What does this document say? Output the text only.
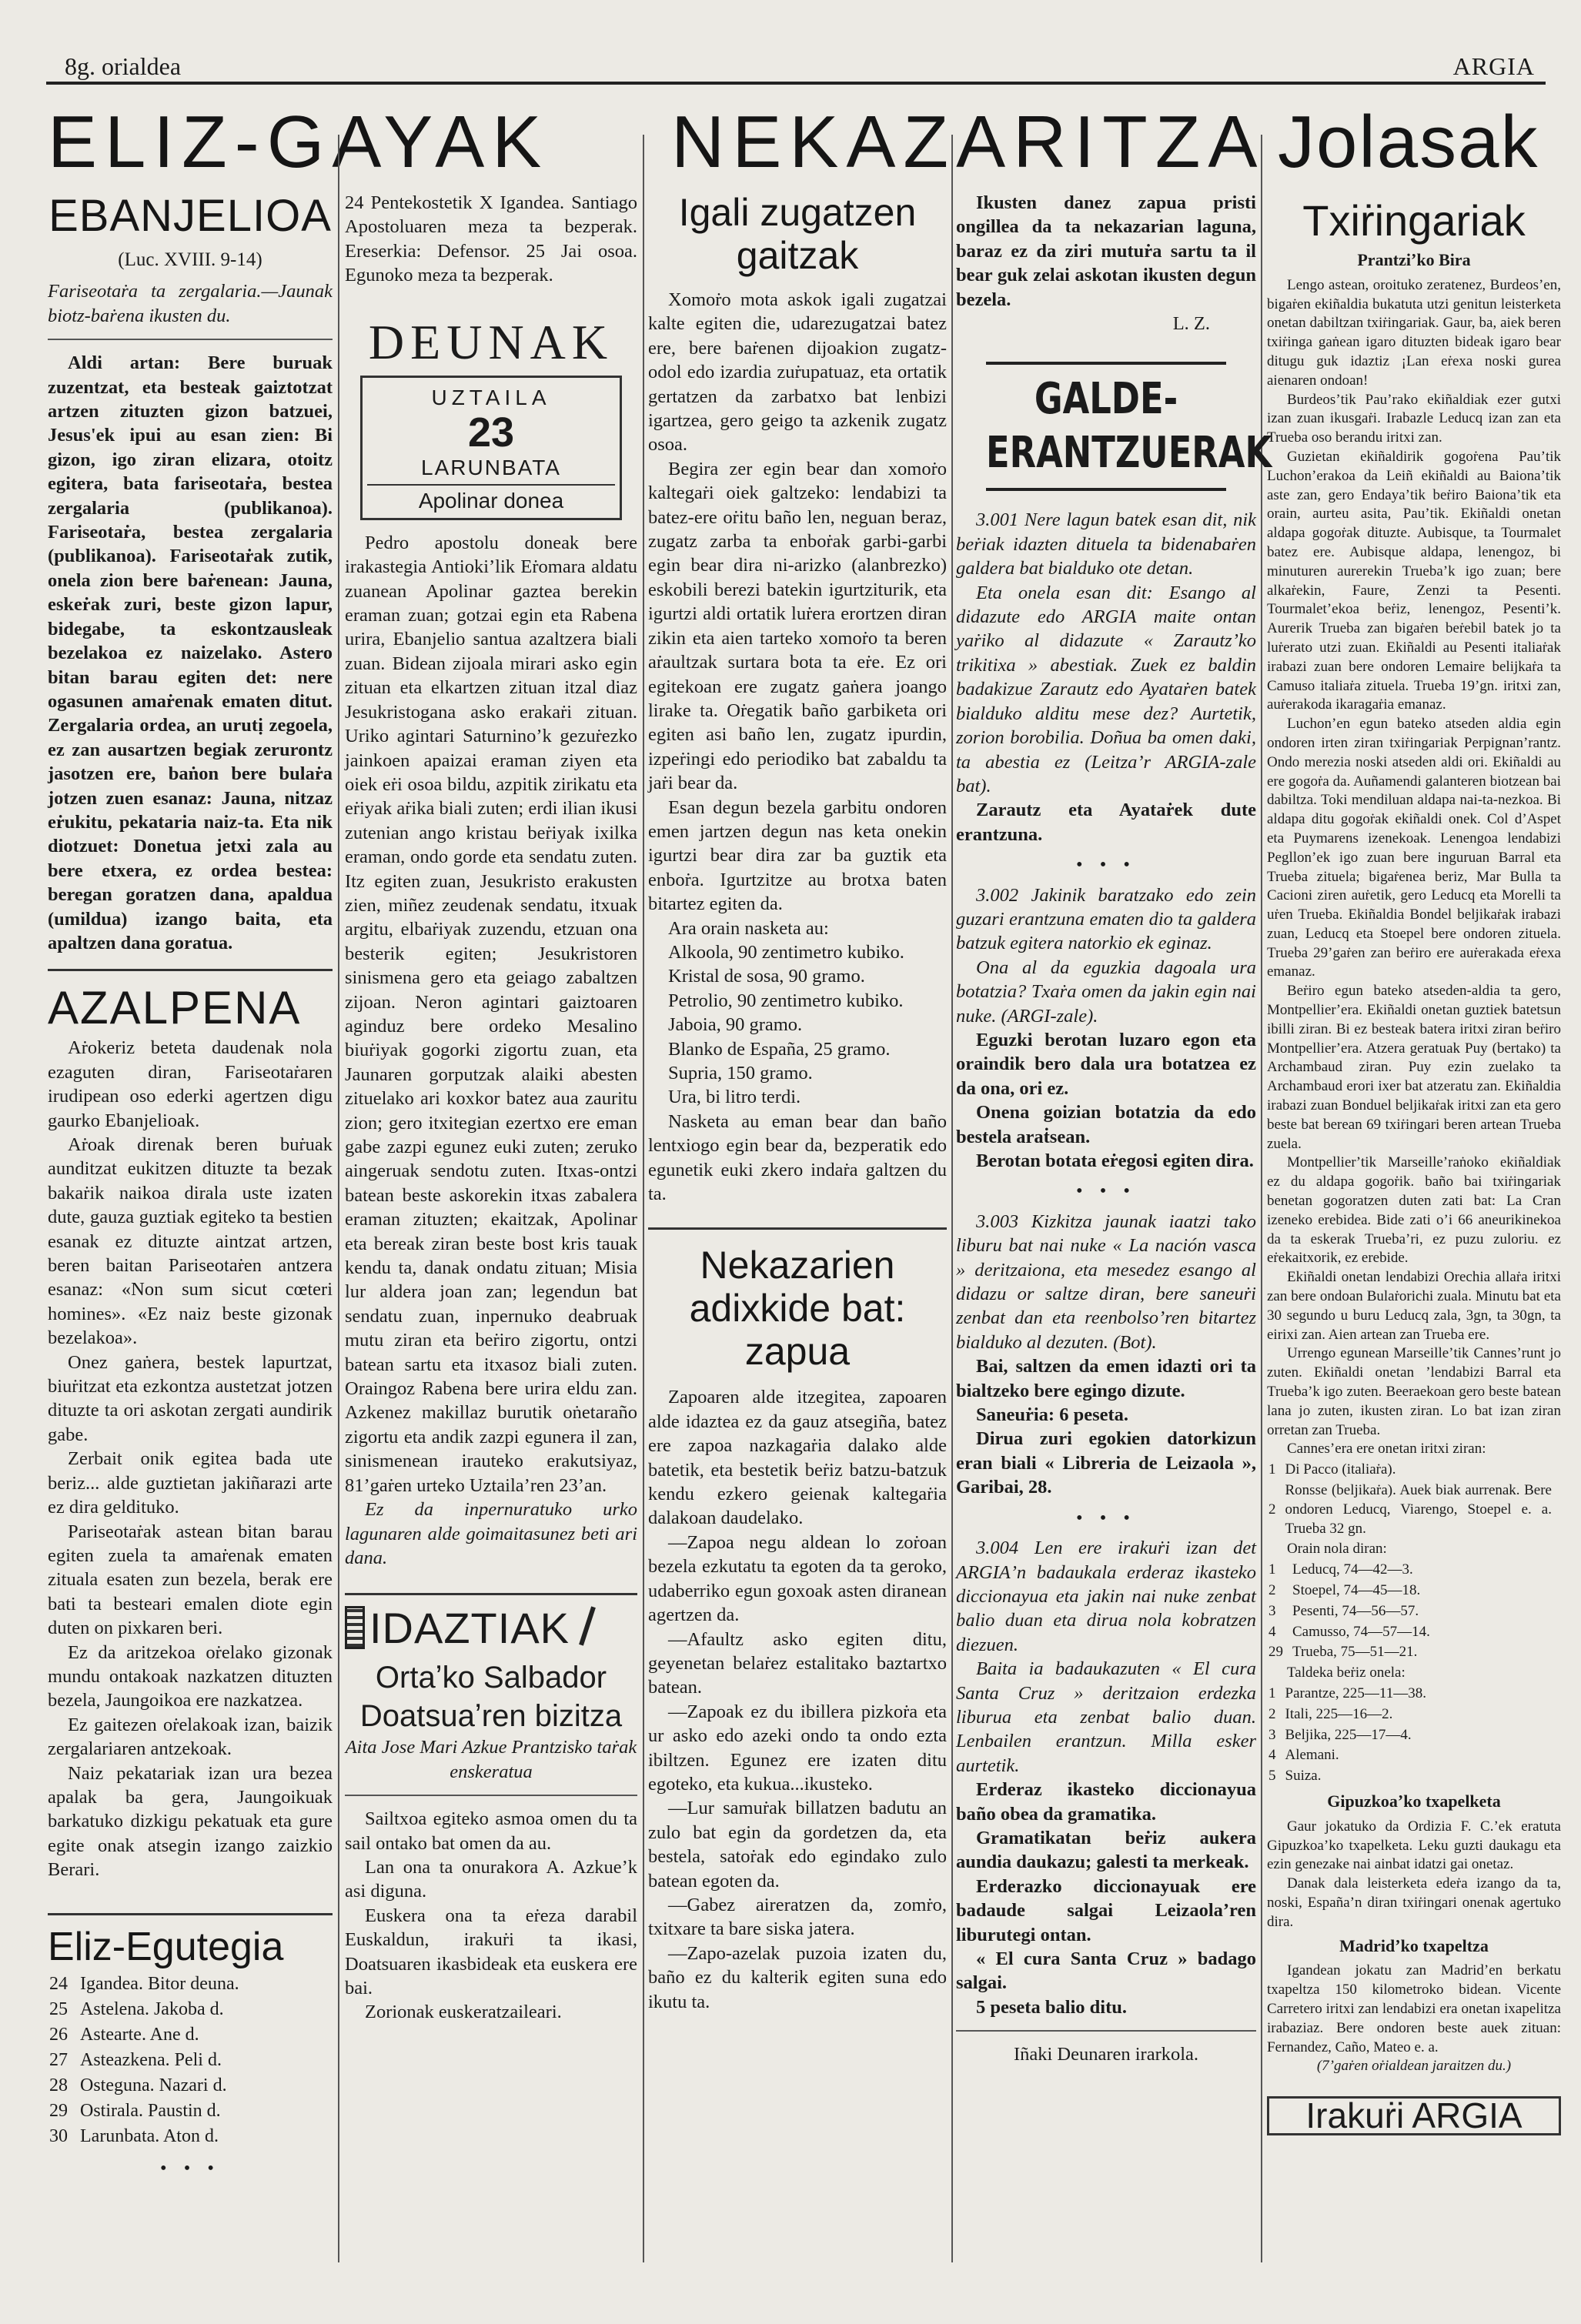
8g. orialdea	ARGIA
ELIZ-GAYAK	NEKAZARITZA Jolasak
EBANJELIOA
(Luc. XVIII. 9-14)

Fariseotaṙa ta zergalaria.—Jaunak biotz-baṙena ikusten du.

Aldi artan: Bere buruak zuzentzat, eta besteak gaiztotzat artzen zituzten gizon batzuei, Jesus'ek ipui au esan zien: Bi gizon, igo ziran elizara, otoitz egitera, bata fariseotaṙa, bestea zergalaria (publikanoa). Fariseotaṙa, bestea zergalaria (publikanoa). Fariseotaṙak zutik, onela zion bere baṙenean: Jauna, eskeṙak zuri, beste gizon lapur, bidegabe, ta eskontzausleak bezelakoa ez naizelako. Astero bitan barau egiten det: nere ogasunen amaṙenak ematen ditut. Zergalaria ordea, an urutị zegoela, ez zan ausartzen begiak zerurontz jasotzen ere, baṅon bere bulaṙa jotzen zuen esanaz: Jauna, nitzaz eṙukitu, pekataria naiz-ta. Eta nik diotzuet: Donetua jetxi zala au bere etxera, ez ordea bestea: beregan goratzen dana, apaldua (umildua) izango baita, eta apaltzen dana goratua.

AZALPENA

Aṙokeriz beteta daudenak nola ezaguten diran, Fariseotaṙaren irudipean oso ederki agertzen digu gaurko Ebanjelioak.

Aṙoak direnak beren buṙuak aunditzat eukitzen dituzte ta bezak bakaṙik naikoa dirala uste izaten dute, gauza guztiak egiteko ta bestien esanak ez dituzte aintzat artzen, beren baitan Pariseotaṙen antzera esanaz: «Non sum sicut cœteri homines». «Ez naiz beste gizonak bezelakoa».

Onez gaṅera, bestek lapurtzat, biuṙitzat eta ezkontza austetzat jotzen dituzte ta ori askotan zergati aundirik gabe.

Zerbait onik egitea bada ute beriz... alde guztietan jakiñarazi arte ez dira geldituko.

Pariseotaṙak astean bitan barau egiten zuela ta amaṙenak ematen zituala esaten zun bezela, berak ere bati ta besteari emalen diote egin duten on pixkaren beri.

Ez da aritzekoa oṙelako gizonak mundu ontakoak nazkatzen dituzten bezela, Jaungoikoa ere nazkatzea.

Ez gaitezen oṙelakoak izan, baizik zergalariaren antzekoak.

Naiz pekatariak izan ura bezea apalak ba gera, Jaungoikuak barkatuko dizkigu pekatuak eta gure egite onak atsegin izango zaizkio Berari.

Eliz-Egutegia
24	Igandea. Bitor deuna.
25	Astelena. Jakoba d.
26	Astearte. Ane d.
27	Asteazkena. Peli d.
28	Osteguna. Nazari d.
29	Ostirala. Paustin d.
30	Larunbata. Aton d.
• • •

24 Pentekostetik X Igandea. Santiago Apostoluaren meza ta bezperak. Ereserkia: Defensor. 25 Jai osoa. Egunoko meza ta bezperak.

DEUNAK
UZTAILA
23
LARUNBATA
Apolinar donea

Pedro apostolu doneak bere irakastegia Antiokiʼlik Eṙomara aldatu zuanean Apolinar gaztea berekin eraman zuan; gotzai egin eta Rabena urira, Ebanjelio santua azaltzera biali zuan. Bidean zijoala mirari asko egin zituan eta elkartzen zituan itzal diaz Jesukristogana asko erakaṙi zituan. Uriko agintari Saturninoʼk gezuṙezko jainkoen apaizai eraman ziyen eta oiek eṙi osoa bildu, azpitik zirikatu eta eṙiyak aṙika biali zuten; erdi ilian ikusi zutenian ango kristau beṙiyak ixilka eraman, ondo gorde eta sendatu zuten. Itz egiten zuan, Jesukristo erakusten zien, miñez zeudenak sendatu, itxuak argitu, elbaṙiyak zuzendu, etzuan ona besterik egiten; Jesukristoren sinismena gero eta geiago zabaltzen zijoan. Neron agintari gaiztoaren aginduz bere ordeko Mesalino biuṙiyak gogorki zigortu zuan, eta Jaunaren gorputzak alaiki abesten zituelako ari koxkor batez aua zauritu zion; gero itxitegian ezertxo ere eman gabe zazpi egunez euki zuten; zeruko aingeruak sendotu zuten. Itxas-ontzi batean beste askorekin itxas zabalera eraman zituzten; ekaitzak, Apolinar eta bereak ziran beste bost kris tauak kendu ta, danak ondatu zituan; Misia lur aldera joan zan; legendun bat sendatu zuan, inpernuko deabruak mutu ziran eta beṙiro zigortu, ontzi batean sartu eta itxasoz biali zuten. Oraingoz Rabena bere urira eldu zan. Azkenez makillaz burutik oṅetaraño zigortu eta andik zazpi egunera il zan, sinismenean irauteko erakutsiyaz, 81ʼgaṙen urteko Uztailaʼren 23ʼan.

Ez da inpernuratuko urko lagunaren alde goimaitasunez beti ari dana.

IDAZTIAK
Ortaʼko Salbador Doatsuaʼren bizitza

Aita Jose Mari Azkue Prantzisko taṙak enskeratua

Sailtxoa egiteko asmoa omen du ta sail ontako bat omen da au.

Lan ona ta onurakora A. Azkueʼk asi diguna.

Euskera ona ta eṙeza darabil Euskaldun, irakuṙi ta ikasi, Doatsuaren ikasbideak eta euskera ere bai.

Zorionak euskeratzaileari.

Igali zugatzen gaitzak

Xomoṙo mota askok igali zugatzai kalte egiten die, udarezugatzai batez ere, bere baṙenen dijoakion zugatz-odol edo izardia zuṙupatuaz, eta ortatik gertatzen da zarbatxo bat lenbizi igartzea, gero geigo ta azkenik zugatz osoa.

Begira zer egin bear dan xomoṙo kaltegaṙi oiek galtzeko: lendabizi ta batez-ere oṙitu baño len, neguan beraz, zugatz zarba ta enboṙak garbi-garbi egin bear dira ni-arizko (alanbrezko) eskobili berezi batekin igurtziturik, eta igurtzi aldi ortatik luṙera erortzen diran zikin eta aien tarteko xomoṙo ta beren aṙaultzak surtara bota ta eṙe. Ez ori egitekoan ere zugatz gaṅera joango lirake ta. Oṙegatik baño garbiketa ori egiten asi baño len, zugatz ipurdin, izpeṙingi edo periodiko bat zabaldu ta jaṙi bear da.

Esan degun bezela garbitu ondoren emen jartzen degun nas keta onekin igurtzi bear dira zar ba guztik eta enboṙa. Igurtzitze au brotxa baten bitartez egiten da.

Ara orain nasketa au:

Alkoola, 90 zentimetro kubiko.

Kristal de sosa, 90 gramo.

Petrolio, 90 zentimetro kubiko.

Jaboia, 90 gramo.

Blanko de España, 25 gramo.

Supria, 150 gramo.

Ura, bi litro terdi.

Nasketa au eman bear dan baño lentxiogo egin bear da, bezperatik edo egunetik euki zkero indaṙa galtzen du ta.

Nekazarien adixkide bat: zapua

Zapoaren alde itzegitea, zapoaren alde idaztea ez da gauz atsegiña, batez ere zapoa nazkagaṙia dalako alde batetik, eta bestetik beṙiz batzu-batzuk kendu ezkero geienak kaltegaṙia dalakoan daudelako.

—Zapoa negu aldean lo zoṙoan bezela ezkutatu ta egoten da ta geroko, udaberriko egun goxoak asten diranean agertzen da.

—Afaultz asko egiten ditu, geyenetan belaṙez estalitako baztartxo batean.

—Zapoak ez du ibillera pizkoṙa eta ur asko edo azeki ondo ta ondo ezta ibiltzen. Egunez ere izaten ditu egoteko, eta kukua...ikusteko.

—Lur samuṙak billatzen badutu an zulo bat egin da gordetzen da, eta bestela, satoṙak edo egindako zulo batean egoten da.

—Gabez aireratzen da, zomṙo, txitxare ta bare siska jatera.

—Zapo-azelak puzoia izaten du, baño ez du kalterik egiten suna edo ikutu ta.

Ikusten danez zapua pristi ongillea da ta nekazarian laguna, baraz ez da ziri mutuṙa sartu ta il bear guk zelai askotan ikusten degun bezela.

L. Z.

GALDE-ERANTZUERAK

3.001 Nere lagun batek esan dit, nik beṙiak idazten dituela ta bidenabaṙen galdera bat bialduko ote detan.

Eta onela esan dit: Esango al didazute edo ARGIA maite ontan yaṙiko al didazute « Zarautzʼko trikitixa » abestiak. Zuek ez baldin badakizue Zarautz edo Ayataṙen batek bialduko alditu mese dez? Aurtetik, zorion borobilia. Doñua ba omen daki, ta abestia ez (Leitzaʼr ARGIA-zale bat).

Zarautz eta Ayataṙek dute erantzuna.

• • •

3.002 Jakinik baratzako edo zein guzari erantzuna ematen dio ta galdera batzuk egitera natorkio ek eginaz.

Ona al da eguzkia dagoala ura botatzia? Txaṙa omen da jakin egin nai nuke. (ARGI-zale).

Eguzki berotan luzaro egon eta oraindik bero dala ura botatzea ez da ona, ori ez.

Onena goizian botatzia da edo bestela araṫsean.

Berotan botata eṙegosi egiten dira.

• • •

3.003 Kizkitza jaunak iaatzi tako liburu bat nai nuke « La nación vasca » deritzaiona, eta mesedez esango al didazu or saltze diran, bere saneuṙi zenbat dan eta reenbolsoʼren bitartez bialduko al dezuten. (Bot).

Bai, saltzen da emen idazti ori ta bialtzeko bere egingo dizute.

Saneuṙia: 6 peseta.

Dirua zuri egokien datorkizun eran biali « Libreria de Leizaola », Garibai, 28.

• • •

3.004 Len ere irakuṙi izan det ARGIAʼn badaukala erderaz ikasteko diccionayua eta jakin nai nuke zenbat balio duan eta dirua nola kobratzen diezuen.

Baita ia badaukazuten « El cura Santa Cruz » deritzaion erdezka liburua eta zenbat balio duan. Lenbailen erantzun. Milla esker aurtetik.

Erderaz ikasteko diccionayua baño obea da gramatika.

Gramatikatan beṙiz aukera aundia daukazu; galesti ta merkeak.

Erderazko diccionayuak ere badaude salgai Leizaolaʼren liburutegi ontan.

« El cura Santa Cruz » badago salgai.

5 peseta balio ditu.

Iñaki Deunaren irarkola.

Txiṙingariak
Prantziʼko Bira

Lengo astean, oroituko zeratenez, Burdeosʼen, bigaṙen ekiñaldia bukatuta utzi genitun leisterketa onetan dabiltzan txiṙingariak. Gaur, ba, aiek beren txiṙinga gaṅean igaro dituzten bideak igaro bear ditugu guk idaztiz ¡Lan eṙexa noski gurea aienaren ondoan!

Burdeosʼtik Pauʼrako ekiñaldiak ezer gutxi izan zuan ikusgaṙi. Irabazle Leducq izan zan eta Trueba oso berandu iritxi zan.

Guzietan ekiñaldirik gogoṙena Pauʼtik Luchonʼerakoa da Leiñ ekiñaldi au Baionaʼtik aste zan, gero Endayaʼtik beṙiro Baionaʼtik eta orain, aurteu asita, Pauʼtik. Ekiñaldi onetan aldapa gogoṙak dituzte. Aubisque, ta Tourmalet batez ere. Aubisque aldapa, lenengoz, bi minuturen aurerekin Truebaʼk igo zuan; bere alkaṙekin, Faure, Zenzi ta Pesenti. Tourmaletʼekoa beṙiz, lenengoz, Pesentiʼk. Aurerik Trueba zan bigaṙen beṙebil batek jo ta luṙerato utzi zuan. Ekiñaldi au Pesenti italiaṙak irabazi zuan bere ondoren Lemaire belijkaṙa ta Camuso italiaṙa zituela. Trueba 19ʼgn. iritxi zan, auṙerakoda ikaragaṙia emanaz.

Luchonʼen egun bateko atseden aldia egin ondoren irten ziran txiṙingariak Perpignanʼrantz. Ondo merezia noski atseden aldi ori. Ekiñaldi au ere gogoṙa da. Auñamendi galanteren biotzean bai dabiltza. Toki mendiluan aldapa nai-ta-nezkoa. Bi aldapa ditu gogoṙak ekiñaldi onek. Col dʼAspet eta Puymarens izenekoak. Lenengoa lendabizi Pegllonʼek igo zuan bere inguruan Barral eta Trueba zituela; bigaṙenea beriz, Mar Bulla ta Cacioni ziren auṙetik, gero Leducq eta Morelli ta uṙen Trueba. Ekiñaldia Bondel beljikaṙak irabazi zuan, Leducq eta Stoepel bere ondoren zituela. Trueba 29ʼgaṙen zan beṙiro ere auṙerakada eṙexa emanaz.

Beṙiro egun bateko atseden-aldia ta gero, Montpellierʼera. Ekiñaldi onetan guztiek batetsun ibilli ziran. Bi ez besteak batera iritxi ziran beṙiro Montpellierʼera. Atzera geratuak Puy (bertako) ta Archambaud ziran. Puy ezin zuelako ta Archambaud erori ixer bat atzeratu zan. Ekiñaldia irabazi zuan Bonduel beljikaṙak iritxi zan eta gero beste bat berean 69 txiṙingari beren artean Trueba zuela.

Montpellierʼtik Marseilleʼraṅoko ekiñaldiak ez du aldapa gogoṙik. baño bai txiṙingariak benetan gogoratzen duten zati bat: La Cran izeneko erebidea. Bide zati oʼi 66 aneurikinekoa da ta eskerak Truebaʼri, ez puzu zuloriu. ez eṙekaitxorik, ez erebide.

Ekiñaldi onetan lendabizi Orechia allaṙa iritxi zan bere ondoan Bulaṙorichi zuala. Minutu bat eta 30 segundo u buru Leducq zala, 3gn, ta 30gn, ta eirixi zan. Aien artean zan Trueba ere.

Urrengo egunean Marseilleʼtik Cannesʼrunt jo zuten. Ekiñaldi onetan ʼlendabizi Barral eta Truebaʼk igo zuten. Beeraekoan gero beste batean lana jo zuten, ikusten ziran. Lo bat izan ziran orretan zan Trueba.

Cannesʼera ere onetan iritxi ziran:

1	Di Pacco (italiaṙa).
2	Ronsse (beljikaṙa). Auek biak aurrenak. Bere ondoren Leducq, Viarengo, Stoepel e. a. Trueba 32 gn.

Orain nola diran:

1	Leducq, 74—42—3.
2	Stoepel, 74—45—18.
3	Pesenti, 74—56—57.
4	Camusso, 74—57—14.
29	Trueba, 75—51—21.

Taldeka beṙiz onela:

1	Parantze, 225—11—38.
2	Itali, 225—16—2.
3	Beljika, 225—17—4.
4	Alemani.
5	Suiza.
Gipuzkoaʼko txapelketa

Gaur jokatuko da Ordizia F. C.ʼek eratuta Gipuzkoaʼko txapelketa. Leku guzti daukagu eta ezin genezake nai ainbat idatzi gai onetaz.

Danak dala leisterketa edeṙa izango da ta, noski, Españaʼn diran txiṙingari onenak agertuko dira.

Madridʼko txapeltza

Igandean jokatu zan Madridʼen berkatu txapeltza 150 kilometroko bidean. Vicente Carretero iritxi zan lendabizi era onetan ixapelitza irabaziaz. Bere ondoren beste auek zituan: Fernandez, Caño, Mateo e. a.

(7ʼgaṙen oṙialdean jaraitzen du.)

Irakuṙi ARGIA
